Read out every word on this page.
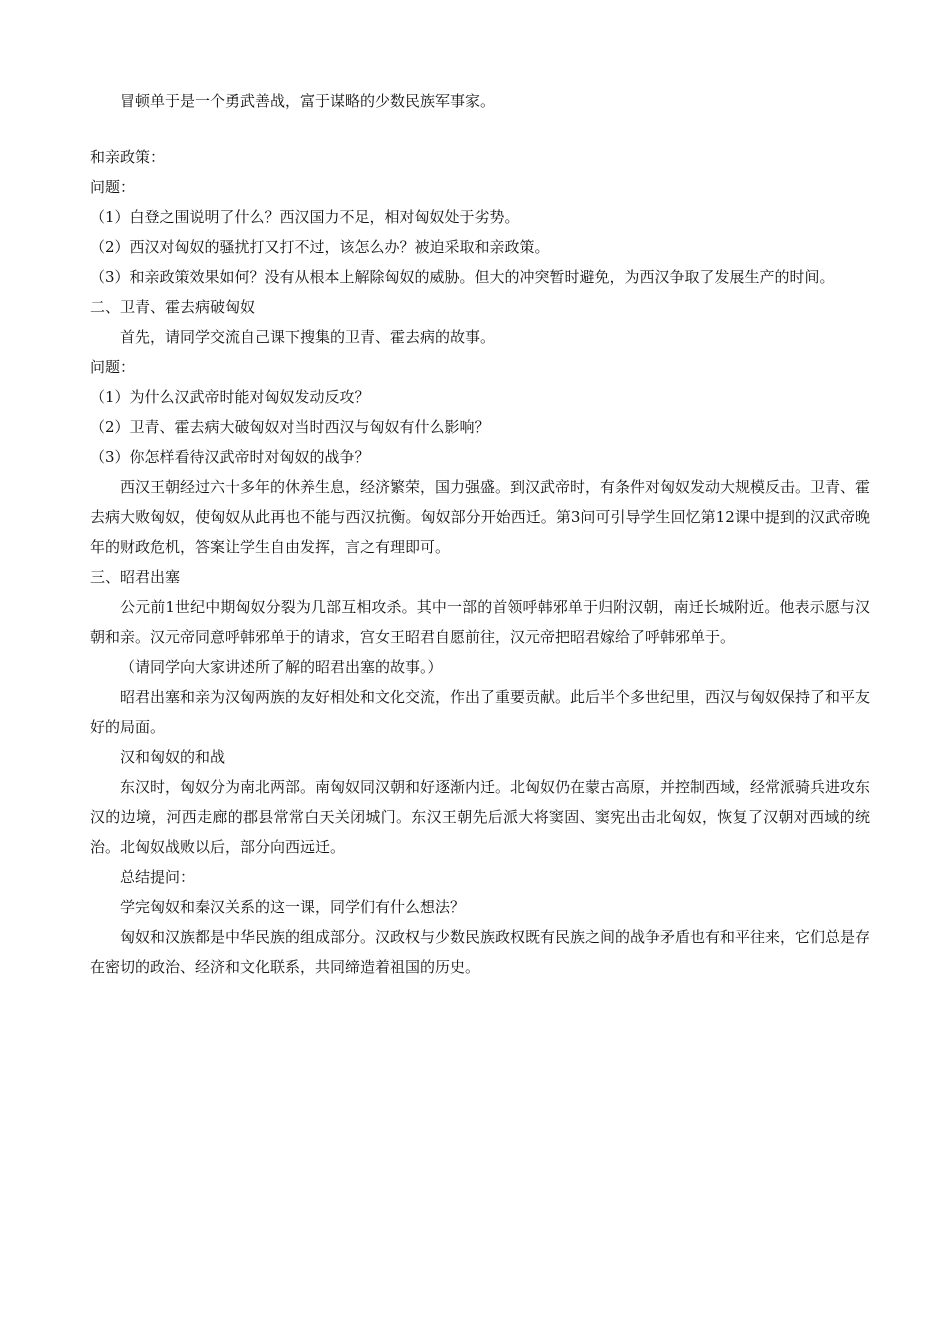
冒顿单于是一个勇武善战，富于谋略的少数民族军事家。

和亲政策：

问题：

（1）白登之围说明了什么？西汉国力不足，相对匈奴处于劣势。

（2）西汉对匈奴的骚扰打又打不过，该怎么办？被迫采取和亲政策。

（3）和亲政策效果如何？没有从根本上解除匈奴的威胁。但大的冲突暂时避免，为西汉争取了发展生产的时间。

二、卫青、霍去病破匈奴

首先，请同学交流自己课下搜集的卫青、霍去病的故事。

问题：

（1）为什么汉武帝时能对匈奴发动反攻？

（2）卫青、霍去病大破匈奴对当时西汉与匈奴有什么影响？

（3）你怎样看待汉武帝时对匈奴的战争？

西汉王朝经过六十多年的休养生息，经济繁荣，国力强盛。到汉武帝时，有条件对匈奴发动大规模反击。卫青、霍去病大败匈奴，使匈奴从此再也不能与西汉抗衡。匈奴部分开始西迁。第3问可引导学生回忆第12课中提到的汉武帝晚年的财政危机，答案让学生自由发挥，言之有理即可。

三、昭君出塞

公元前1世纪中期匈奴分裂为几部互相攻杀。其中一部的首领呼韩邪单于归附汉朝，南迁长城附近。他表示愿与汉朝和亲。汉元帝同意呼韩邪单于的请求，宫女王昭君自愿前往，汉元帝把昭君嫁给了呼韩邪单于。

（请同学向大家讲述所了解的昭君出塞的故事。）

昭君出塞和亲为汉匈两族的友好相处和文化交流，作出了重要贡献。此后半个多世纪里，西汉与匈奴保持了和平友好的局面。

汉和匈奴的和战

东汉时，匈奴分为南北两部。南匈奴同汉朝和好逐渐内迁。北匈奴仍在蒙古高原，并控制西域，经常派骑兵进攻东汉的边境，河西走廊的郡县常常白天关闭城门。东汉王朝先后派大将窦固、窦宪出击北匈奴，恢复了汉朝对西域的统治。北匈奴战败以后，部分向西远迁。

总结提问：

学完匈奴和秦汉关系的这一课，同学们有什么想法？

匈奴和汉族都是中华民族的组成部分。汉政权与少数民族政权既有民族之间的战争矛盾也有和平往来，它们总是存在密切的政治、经济和文化联系，共同缔造着祖国的历史。
